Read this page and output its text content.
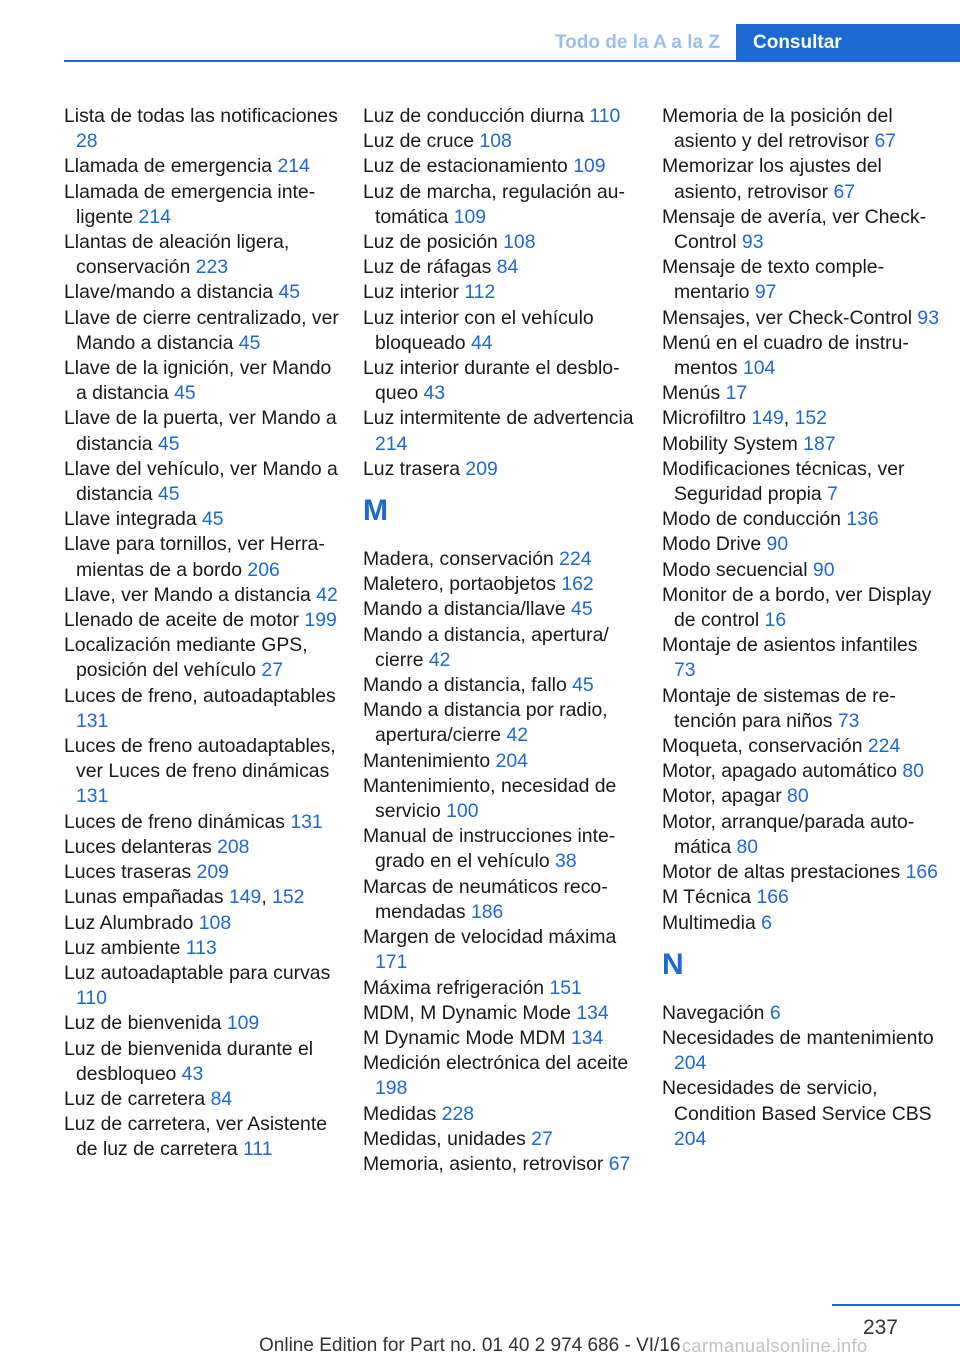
Todo de la A a la Z	Consultar
Lista de todas las notificaciones 28
Llamada de emergencia 214
Llamada de emergencia inteligente 214
Llantas de aleación ligera, conservación 223
Llave/mando a distancia 45
Llave de cierre centralizado, ver Mando a distancia 45
Llave de la ignición, ver Mando a distancia 45
Llave de la puerta, ver Mando a distancia 45
Llave del vehículo, ver Mando a distancia 45
Llave integrada 45
Llave para tornillos, ver Herramientas de a bordo 206
Llave, ver Mando a distancia 42
Llenado de aceite de motor 199
Localización mediante GPS, posición del vehículo 27
Luces de freno, autoadaptables 131
Luces de freno autoadaptables, ver Luces de freno dinámicas 131
Luces de freno dinámicas 131
Luces delanteras 208
Luces traseras 209
Lunas empañadas 149, 152
Luz Alumbrado 108
Luz ambiente 113
Luz autoadaptable para curvas 110
Luz de bienvenida 109
Luz de bienvenida durante el desbloqueo 43
Luz de carretera 84
Luz de carretera, ver Asistente de luz de carretera 111
Luz de conducción diurna 110
Luz de cruce 108
Luz de estacionamiento 109
Luz de marcha, regulación automática 109
Luz de posición 108
Luz de ráfagas 84
Luz interior 112
Luz interior con el vehículo bloqueado 44
Luz interior durante el desbloqueo 43
Luz intermitente de advertencia 214
Luz trasera 209
M
Madera, conservación 224
Maletero, portaobjetos 162
Mando a distancia/llave 45
Mando a distancia, apertura/ cierre 42
Mando a distancia, fallo 45
Mando a distancia por radio, apertura/cierre 42
Mantenimiento 204
Mantenimiento, necesidad de servicio 100
Manual de instrucciones integrado en el vehículo 38
Marcas de neumáticos recomendadas 186
Margen de velocidad máxima 171
Máxima refrigeración 151
MDM, M Dynamic Mode 134
M Dynamic Mode MDM 134
Medición electrónica del aceite 198
Medidas 228
Medidas, unidades 27
Memoria, asiento, retrovisor 67
Memoria de la posición del asiento y del retrovisor 67
Memorizar los ajustes del asiento, retrovisor 67
Mensaje de avería, ver Check-Control 93
Mensaje de texto complementario 97
Mensajes, ver Check-Control 93
Menú en el cuadro de instrumentos 104
Menús 17
Microfiltro 149, 152
Mobility System 187
Modificaciones técnicas, ver Seguridad propia 7
Modo de conducción 136
Modo Drive 90
Modo secuencial 90
Monitor de a bordo, ver Display de control 16
Montaje de asientos infantiles 73
Montaje de sistemas de retención para niños 73
Moqueta, conservación 224
Motor, apagado automático 80
Motor, apagar 80
Motor, arranque/parada automática 80
Motor de altas prestaciones 166
M Técnica 166
Multimedia 6
N
Navegación 6
Necesidades de mantenimiento 204
Necesidades de servicio, Condition Based Service CBS 204
237
Online Edition for Part no. 01 40 2 974 686 - VI/16 carmanualsonline.info
